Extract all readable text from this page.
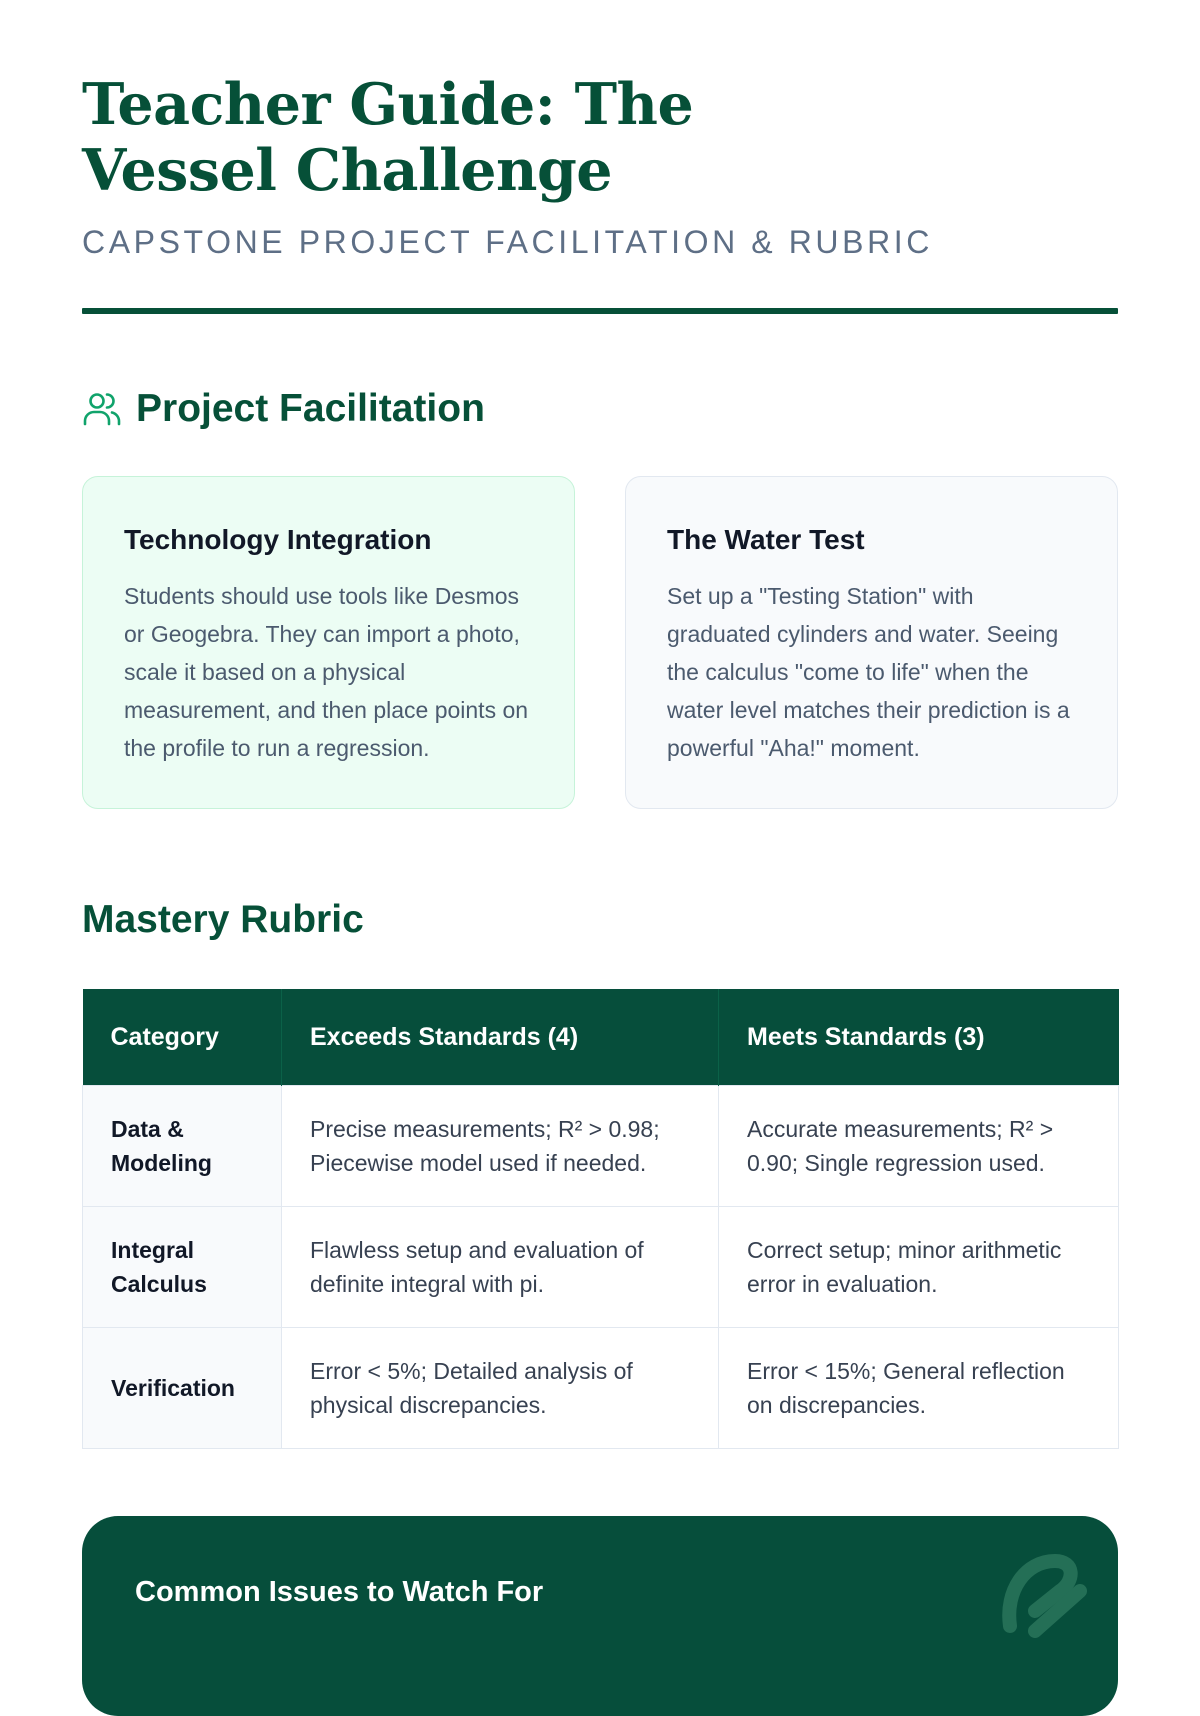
Teacher Guide: The Vessel Challenge
CAPSTONE PROJECT FACILITATION & RUBRIC
Project Facilitation
Technology Integration

Students should use tools like Desmos or Geogebra. They can import a photo, scale it based on a physical measurement, and then place points on the profile to run a regression.

The Water Test

Set up a "Testing Station" with graduated cylinders and water. Seeing the calculus "come to life" when the water level matches their prediction is a powerful "Aha!" moment.

Mastery Rubric
Category	Exceeds Standards (4)	Meets Standards (3)
Data & Modeling	Precise measurements; R² > 0.98; Piecewise model used if needed.	Accurate measurements; R² > 0.90; Single regression used.
Integral Calculus	Flawless setup and evaluation of definite integral with pi.	Correct setup; minor arithmetic error in evaluation.
Verification	Error < 5%; Detailed analysis of physical discrepancies.	Error < 15%; General reflection on discrepancies.
Common Issues to Watch For
